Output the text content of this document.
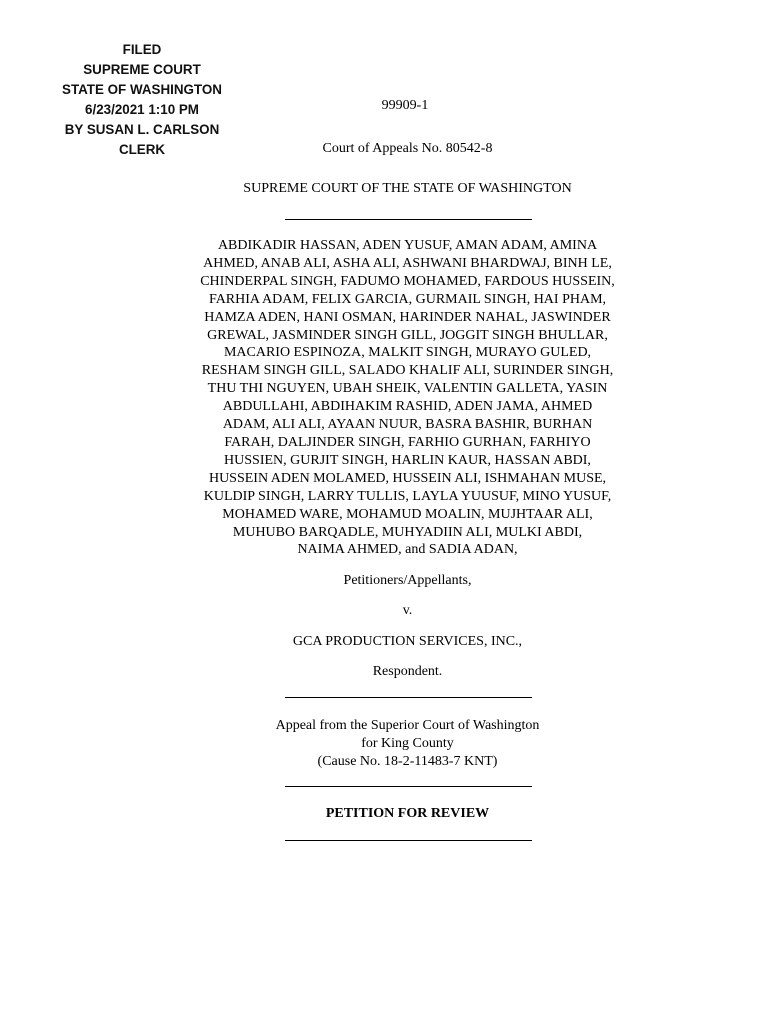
FILED
SUPREME COURT
STATE OF WASHINGTON
6/23/2021 1:10 PM
BY SUSAN L. CARLSON
CLERK
99909-1
Court of Appeals No. 80542-8
SUPREME COURT OF THE STATE OF WASHINGTON
ABDIKADIR HASSAN, ADEN YUSUF, AMAN ADAM, AMINA
AHMED, ANAB ALI, ASHA ALI, ASHWANI BHARDWAJ, BINH LE,
CHINDERPAL SINGH, FADUMO MOHAMED, FARDOUS HUSSEIN,
FARHIA ADAM, FELIX GARCIA, GURMAIL SINGH, HAI PHAM,
HAMZA ADEN, HANI OSMAN, HARINDER NAHAL, JASWINDER
GREWAL, JASMINDER SINGH GILL, JOGGIT SINGH BHULLAR,
MACARIO ESPINOZA, MALKIT SINGH, MURAYO GULED,
RESHAM SINGH GILL, SALADO KHALIF ALI, SURINDER SINGH,
THU THI NGUYEN, UBAH SHEIK, VALENTIN GALLETA, YASIN
ABDULLAHI, ABDIHAKIM RASHID, ADEN JAMA, AHMED
ADAM, ALI ALI, AYAAN NUUR, BASRA BASHIR, BURHAN
FARAH, DALJINDER SINGH, FARHIO GURHAN, FARHIYO
HUSSIEN, GURJIT SINGH, HARLIN KAUR, HASSAN ABDI,
HUSSEIN ADEN MOLAMED, HUSSEIN ALI, ISHMAHAN MUSE,
KULDIP SINGH, LARRY TULLIS, LAYLA YUUSUF, MINO YUSUF,
MOHAMED WARE, MOHAMUD MOALIN, MUJHTAAR ALI,
MUHUBO BARQADLE, MUHYADIIN ALI, MULKI ABDI,
NAIMA AHMED, and SADIA ADAN,
Petitioners/Appellants,
v.
GCA PRODUCTION SERVICES, INC.,
Respondent.
Appeal from the Superior Court of Washington
for King County
(Cause No. 18-2-11483-7 KNT)
PETITION FOR REVIEW
